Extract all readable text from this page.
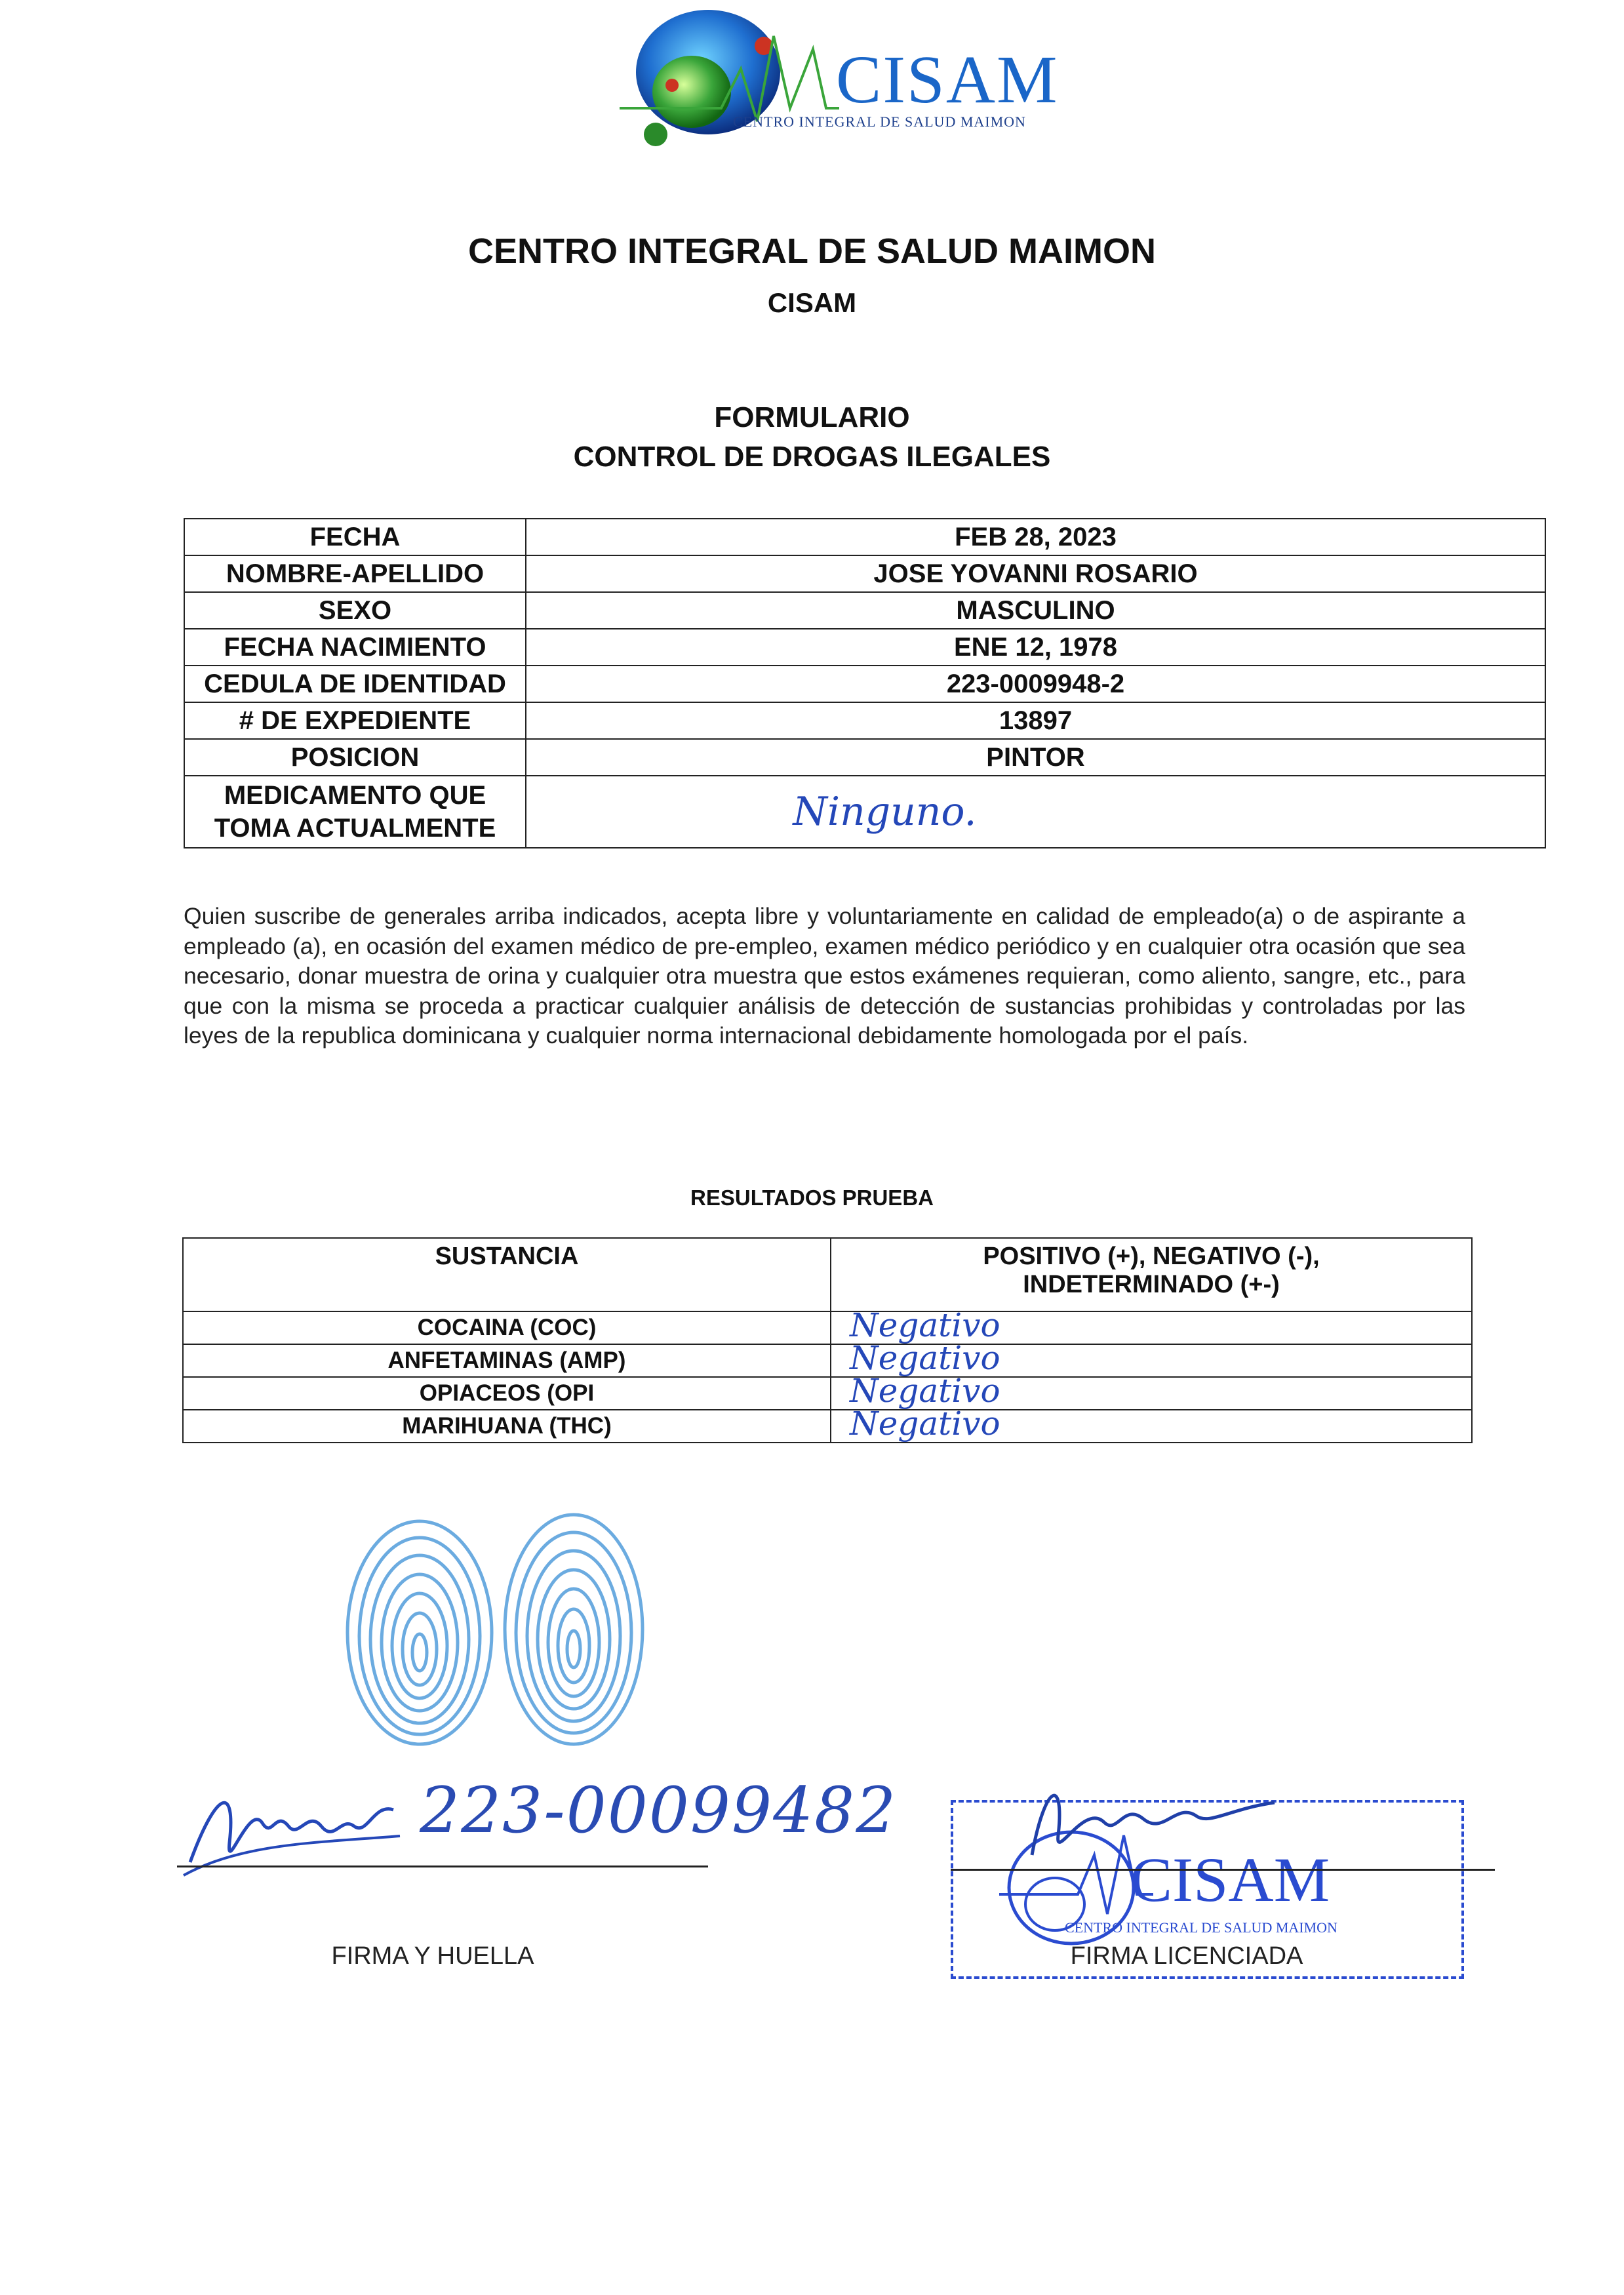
CISAM
CENTRO INTEGRAL DE SALUD MAIMON
CENTRO INTEGRAL DE SALUD MAIMON
CISAM
FORMULARIO
CONTROL DE DROGAS ILEGALES
FECHA	FEB 28, 2023
NOMBRE-APELLIDO	JOSE YOVANNI ROSARIO
SEXO	MASCULINO
FECHA NACIMIENTO	ENE 12, 1978
CEDULA DE IDENTIDAD	223-0009948-2
# DE EXPEDIENTE	13897
POSICION	PINTOR

MEDICAMENTO QUE
TOMA ACTUALMENTE	Ninguno.
Quien suscribe de generales arriba indicados, acepta libre y voluntariamente en calidad de empleado(a) o de aspirante a empleado (a), en ocasión del examen médico de pre-empleo, examen médico periódico y en cualquier otra ocasión que sea necesario, donar muestra de orina y cualquier otra muestra que estos exámenes requieran, como aliento, sangre, etc., para que con la misma se proceda a practicar cualquier análisis de detección de sustancias prohibidas y controladas por las leyes de la republica dominicana y cualquier norma internacional debidamente homologada por el país.
RESULTADOS PRUEBA
SUSTANCIA	POSITIVO (+), NEGATIVO (-),
INDETERMINADO (+-)

COCAINA (COC)	Negativo
ANFETAMINAS (AMP)	Negativo
OPIACEOS (OPI	Negativo
MARIHUANA (THC)	Negativo
223-00099482
FIRMA Y HUELLA
CISAM
CENTRO INTEGRAL DE SALUD MAIMON
FIRMA LICENCIADA
